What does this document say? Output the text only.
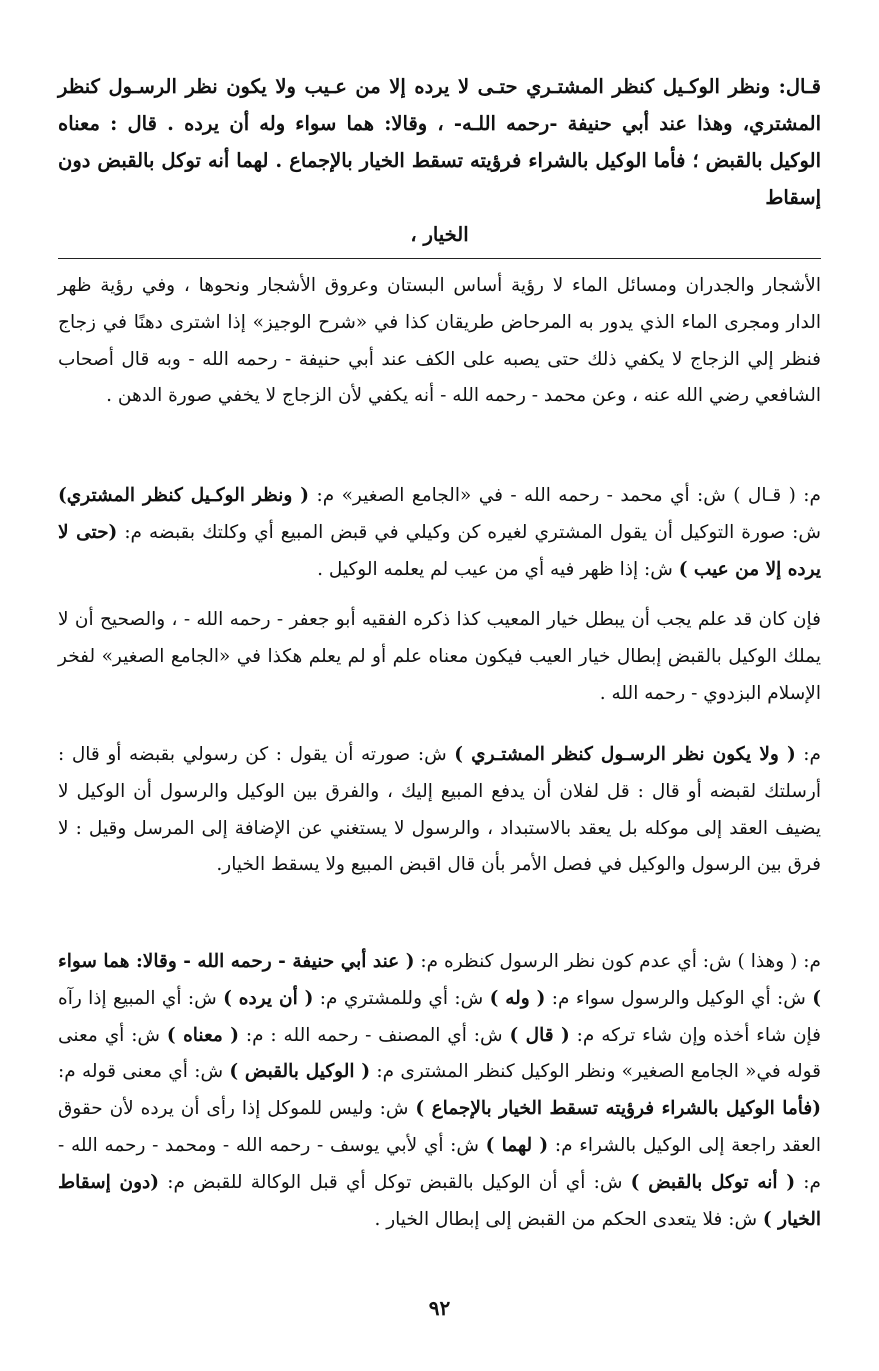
قـال: ونظر الوكـيل كنظر المشتـري حتـى لا يرده إلا من عـيب ولا يكون نظر الرسـول كنظر المشتري، وهذا عند أبي حنيفة -رحمه اللـه- ، وقالا: هما سواء وله أن يرده . قال : معناه الوكيل بالقبض ؛ فأما الوكيل بالشراء فرؤيته تسقط الخيار بالإجماع . لهما أنه توكل بالقبض دون إسقاط
الخيار ،

الأشجار والجدران ومسائل الماء لا رؤية أساس البستان وعروق الأشجار ونحوها ، وفي رؤية ظهر الدار ومجرى الماء الذي يدور به المرحاض طريقان كذا في «شرح الوجيز» إذا اشترى دهنًا في زجاج فنظر إلي الزجاج لا يكفي ذلك حتى يصبه على الكف عند أبي حنيفة - رحمه الله - وبه قال أصحاب الشافعي رضي الله عنه ، وعن محمد - رحمه الله - أنه يكفي لأن الزجاج لا يخفي صورة الدهن .

م: ( قـال ) ش: أي محمد - رحمه الله - في «الجامع الصغير» م: ( ونظر الوكـيل كنظر المشتري) ش: صورة التوكيل أن يقول المشتري لغيره كن وكيلي في قبض المبيع أي وكلتك بقبضه م: (حتى لا يرده إلا من عيب ) ش: إذا ظهر فيه أي من عيب لم يعلمه الوكيل .

فإن كان قد علم يجب أن يبطل خيار المعيب كذا ذكره الفقيه أبو جعفر - رحمه الله - ، والصحيح أن لا يملك الوكيل بالقبض إبطال خيار العيب فيكون معناه علم أو لم يعلم هكذا في «الجامع الصغير» لفخر الإسلام البزدوي - رحمه الله .

م: ( ولا يكون نظر الرسـول كنظر المشتـري ) ش: صورته أن يقول : كن رسولي بقبضه أو قال : أرسلتك لقبضه أو قال : قل لفلان أن يدفع المبيع إليك ، والفرق بين الوكيل والرسول أن الوكيل لا يضيف العقد إلى موكله بل يعقد بالاستبداد ، والرسول لا يستغني عن الإضافة إلى المرسل وقيل : لا فرق بين الرسول والوكيل في فصل الأمر بأن قال اقبض المبيع ولا يسقط الخيار.

م: ( وهذا ) ش: أي عدم كون نظر الرسول كنظره م: ( عند أبي حنيفة - رحمه الله - وقالا: هما سواء ) ش: أي الوكيل والرسول سواء م: ( وله ) ش: أي وللمشتري م: ( أن يرده ) ش: أي المبيع إذا رآه فإن شاء أخذه وإن شاء تركه م: ( قال ) ش: أي المصنف - رحمه الله : م: ( معناه ) ش: أي معنى قوله في« الجامع الصغير» ونظر الوكيل كنظر المشترى م: ( الوكيل بالقبض ) ش: أي معنى قوله م: (فأما الوكيل بالشراء فرؤيته تسقط الخيار بالإجماع ) ش: وليس للموكل إذا رأى أن يرده لأن حقوق العقد راجعة إلى الوكيل بالشراء م: ( لهما ) ش: أي لأبي يوسف - رحمه الله - ومحمد - رحمه الله - م: ( أنه توكل بالقبض ) ش: أي أن الوكيل بالقبض توكل أي قبل الوكالة للقبض م: (دون إسقاط الخيار ) ش: فلا يتعدى الحكم من القبض إلى إبطال الخيار .

٩٢
